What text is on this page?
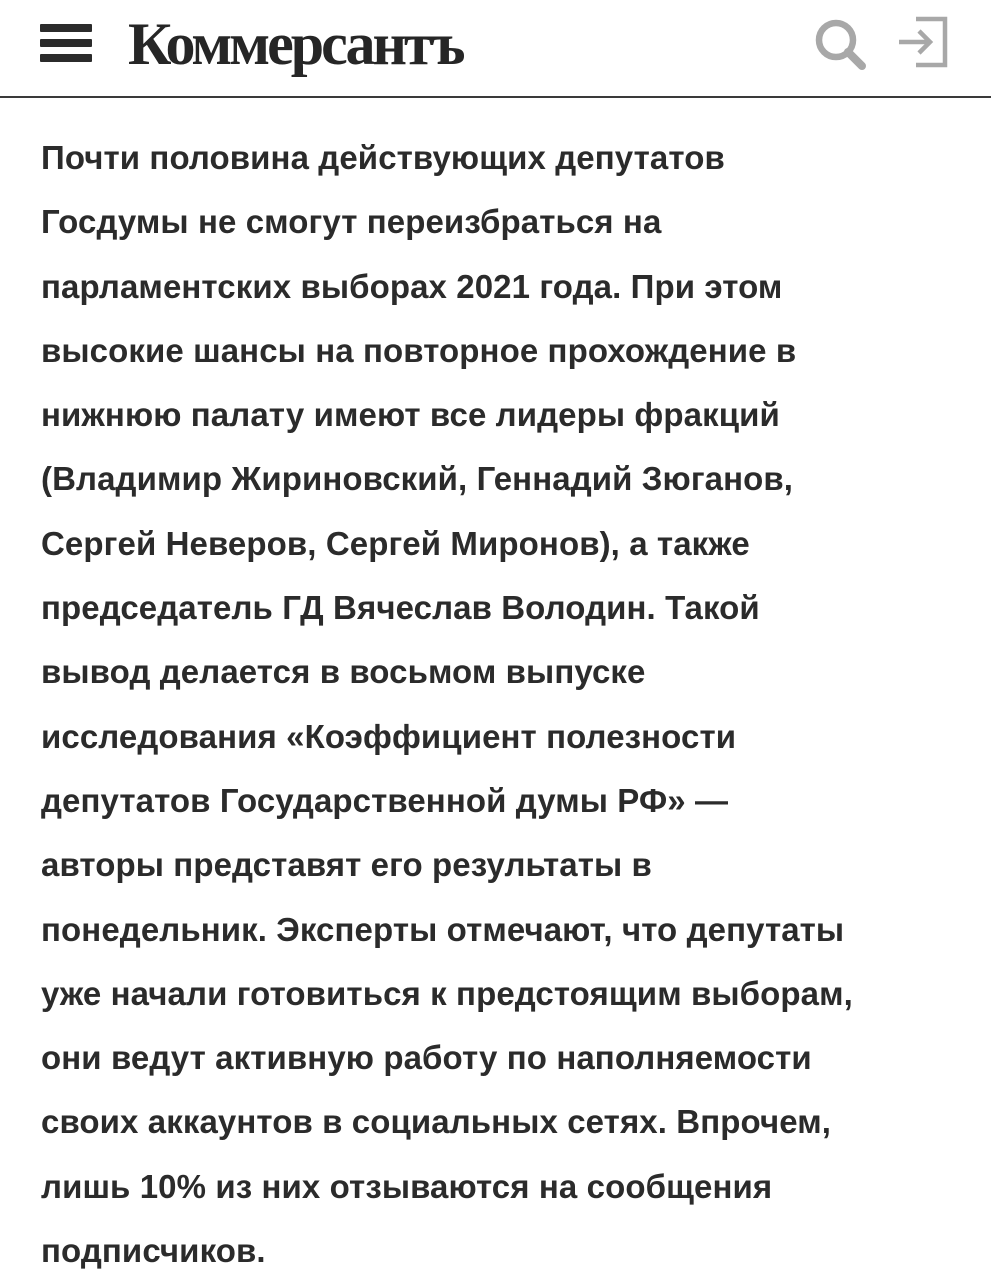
Коммерсантъ
Почти половина действующих депутатов
Госдумы не смогут переизбраться на
парламентских выборах 2021 года. При этом
высокие шансы на повторное прохождение в
нижнюю палату имеют все лидеры фракций
(Владимир Жириновский, Геннадий Зюганов,
Сергей Неверов, Сергей Миронов), а также
председатель ГД Вячеслав Володин. Такой
вывод делается в восьмом выпуске
исследования «Коэффициент полезности
депутатов Государственной думы РФ» —
авторы представят его результаты в
понедельник. Эксперты отмечают, что депутаты
уже начали готовиться к предстоящим выборам,
они ведут активную работу по наполняемости
своих аккаунтов в социальных сетях. Впрочем,
лишь 10% из них отзываются на сообщения
подписчиков.
